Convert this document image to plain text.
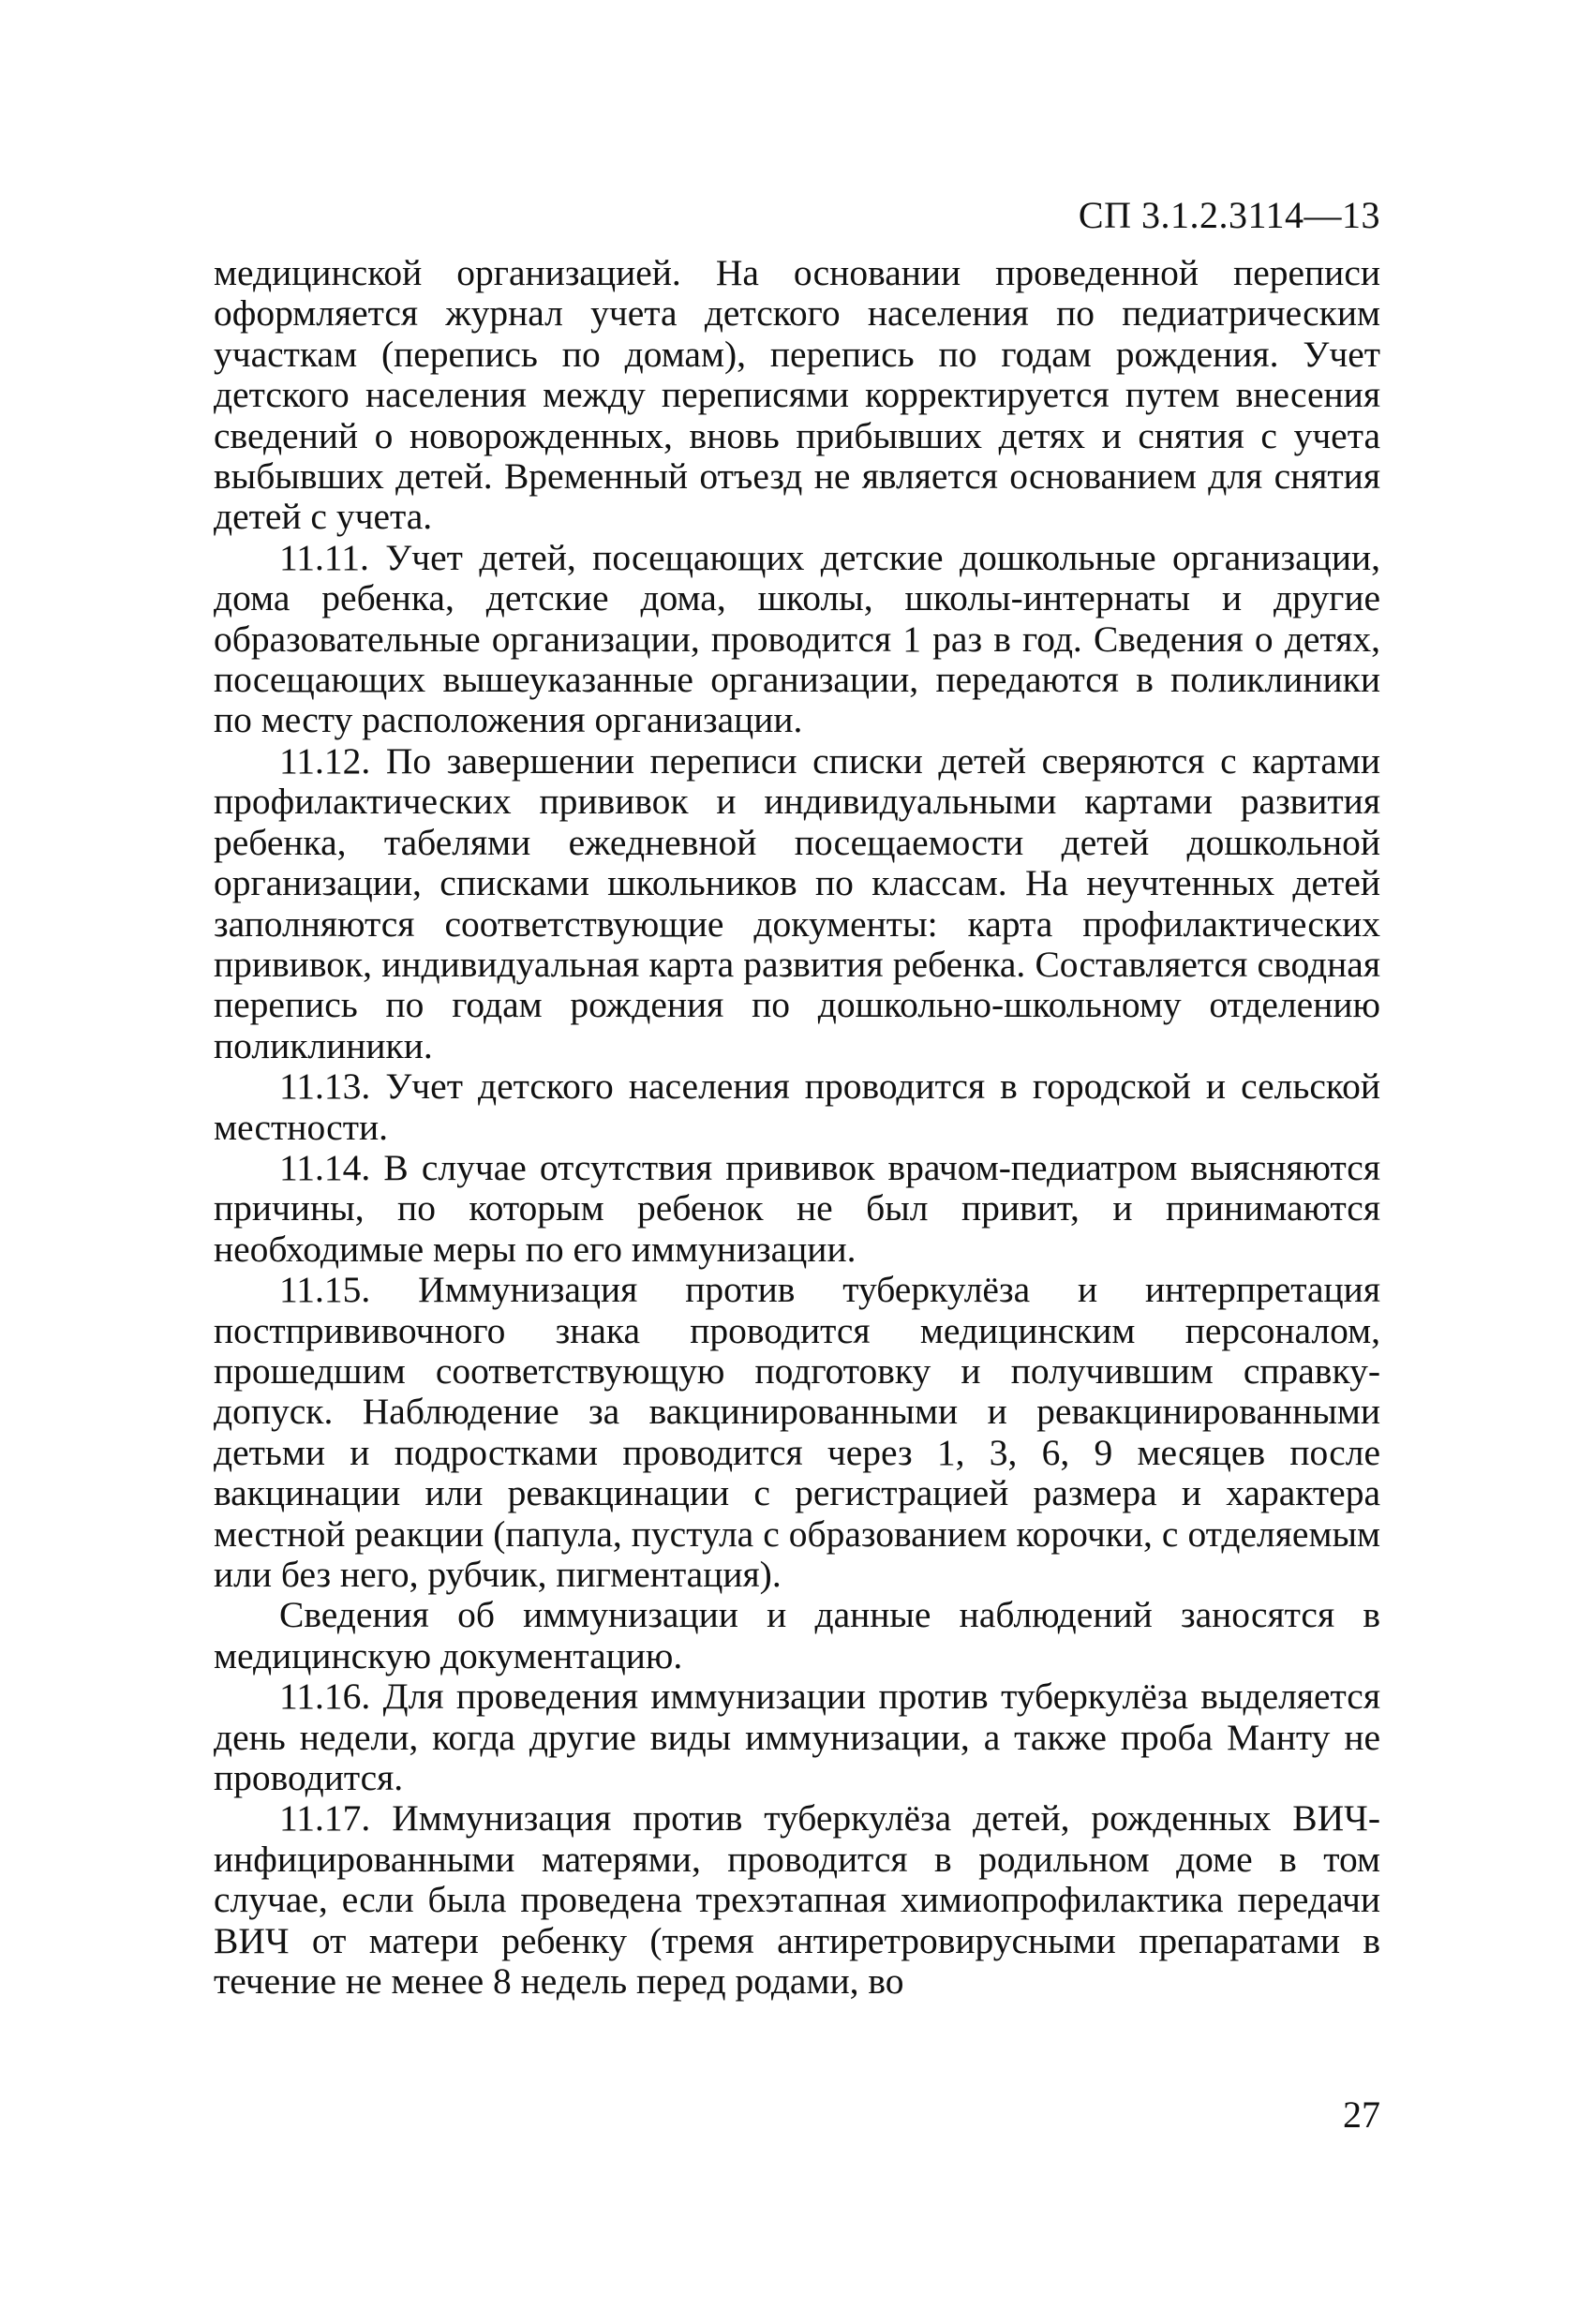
СП 3.1.2.3114—13

медицинской организацией. На основании проведенной переписи оформляется журнал учета детского населения по педиатрическим участкам (перепись по домам), перепись по годам рождения. Учет детского населения между переписями корректируется путем внесения сведений о новорожденных, вновь прибывших детях и снятия с учета выбывших детей. Временный отъезд не является основанием для снятия детей с учета.

11.11. Учет детей, посещающих детские дошкольные организации, дома ребенка, детские дома, школы, школы-интернаты и другие образовательные организации, проводится 1 раз в год. Сведения о детях, посещающих вышеуказанные организации, передаются в поликлиники по месту расположения организации.

11.12. По завершении переписи списки детей сверяются с картами профилактических прививок и индивидуальными картами развития ребенка, табелями ежедневной посещаемости детей дошкольной организации, списками школьников по классам. На неучтенных детей заполняются соответствующие документы: карта профилактических прививок, индивидуальная карта развития ребенка. Составляется сводная перепись по годам рождения по дошкольно-школьному отделению поликлиники.

11.13. Учет детского населения проводится в городской и сельской местности.

11.14. В случае отсутствия прививок врачом-педиатром выясняются причины, по которым ребенок не был привит, и принимаются необходимые меры по его иммунизации.

11.15. Иммунизация против туберкулёза и интерпретация постпрививочного знака проводится медицинским персоналом, прошедшим соответствующую подготовку и получившим справку-допуск. Наблюдение за вакцинированными и ревакцинированными детьми и подростками проводится через 1, 3, 6, 9 месяцев после вакцинации или ревакцинации с регистрацией размера и характера местной реакции (папула, пустула с образованием корочки, с отделяемым или без него, рубчик, пигментация).

Сведения об иммунизации и данные наблюдений заносятся в медицинскую документацию.

11.16. Для проведения иммунизации против туберкулёза выделяется день недели, когда другие виды иммунизации, а также проба Манту не проводится.

11.17. Иммунизация против туберкулёза детей, рожденных ВИЧ-инфицированными матерями, проводится в родильном доме в том случае, если была проведена трехэтапная химиопрофилактика передачи ВИЧ от матери ребенку (тремя антиретровирусными препаратами в течение не менее 8 недель перед родами, во

27
